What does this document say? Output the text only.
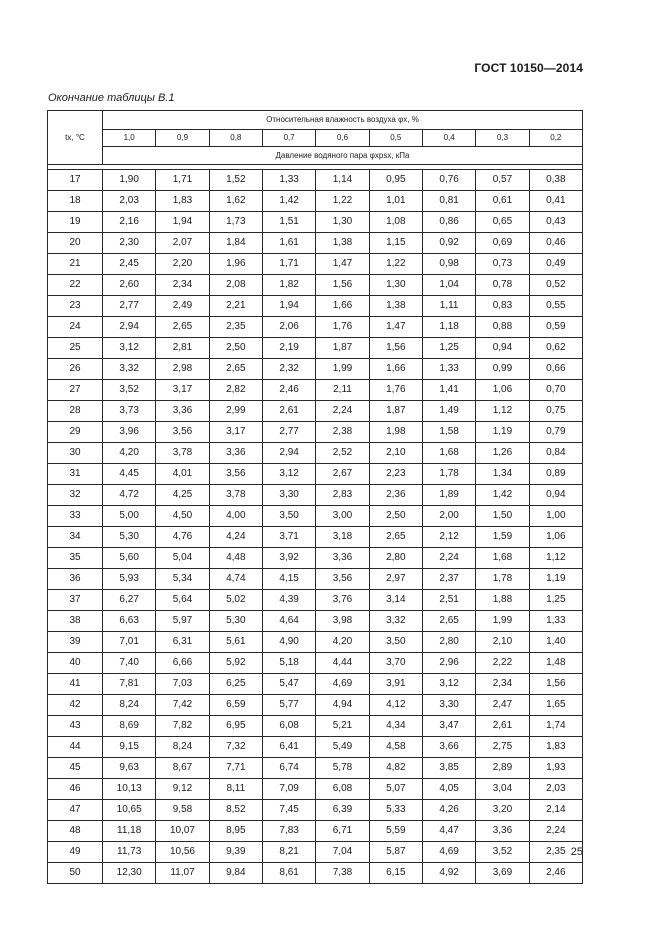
ГОСТ 10150—2014
Окончание таблицы В.1
tх, °С	Относительная влажность воздуха φх, %								
	1,0	0,9	0,8	0,7	0,6	0,5	0,4	0,3	0,2
	Давление водяного пара φхpsx, кПа								

17	1,90	1,71	1,52	1,33	1,14	0,95	0,76	0,57	0,38
18	2,03	1,83	1,62	1,42	1,22	1,01	0,81	0,61	0,41
19	2,16	1,94	1,73	1,51	1,30	1,08	0,86	0,65	0,43
20	2,30	2,07	1,84	1,61	1,38	1,15	0,92	0,69	0,46
21	2,45	2,20	1,96	1,71	1,47	1,22	0,98	0,73	0,49
22	2,60	2,34	2,08	1,82	1,56	1,30	1,04	0,78	0,52
23	2,77	2,49	2,21	1,94	1,66	1,38	1,11	0,83	0,55
24	2,94	2,65	2,35	2,06	1,76	1,47	1,18	0,88	0,59
25	3,12	2,81	2,50	2,19	1,87	1,56	1,25	0,94	0,62
26	3,32	2,98	2,65	2,32	1,99	1,66	1,33	0,99	0,66
27	3,52	3,17	2,82	2,46	2,11	1,76	1,41	1,06	0,70
28	3,73	3,36	2,99	2,61	2,24	1,87	1,49	1,12	0,75
29	3,96	3,56	3,17	2,77	2,38	1,98	1,58	1,19	0,79
30	4,20	3,78	3,36	2,94	2,52	2,10	1,68	1,26	0,84
31	4,45	4,01	3,56	3,12	2,67	2,23	1,78	1,34	0,89
32	4,72	4,25	3,78	3,30	2,83	2,36	1,89	1,42	0,94
33	5,00	4,50	4,00	3,50	3,00	2,50	2,00	1,50	1,00
34	5,30	4,76	4,24	3,71	3,18	2,65	2,12	1,59	1,06
35	5,60	5,04	4,48	3,92	3,36	2,80	2,24	1,68	1,12
36	5,93	5,34	4,74	4,15	3,56	2,97	2,37	1,78	1,19
37	6,27	5,64	5,02	4,39	3,76	3,14	2,51	1,88	1,25
38	6,63	5,97	5,30	4,64	3,98	3,32	2,65	1,99	1,33
39	7,01	6,31	5,61	4,90	4,20	3,50	2,80	2,10	1,40
40	7,40	6,66	5,92	5,18	4,44	3,70	2,96	2,22	1,48
41	7,81	7,03	6,25	5,47	4,69	3,91	3,12	2,34	1,56
42	8,24	7,42	6,59	5,77	4,94	4,12	3,30	2,47	1,65
43	8,69	7,82	6,95	6,08	5,21	4,34	3,47	2,61	1,74
44	9,15	8,24	7,32	6,41	5,49	4,58	3,66	2,75	1,83
45	9,63	8,67	7,71	6,74	5,78	4,82	3,85	2,89	1,93
46	10,13	9,12	8,11	7,09	6,08	5,07	4,05	3,04	2,03
47	10,65	9,58	8,52	7,45	6,39	5,33	4,26	3,20	2,14
48	11,18	10,07	8,95	7,83	6,71	5,59	4,47	3,36	2,24
49	11,73	10,56	9,39	8,21	7,04	5,87	4,69	3,52	2,35
50	12,30	11,07	9,84	8,61	7,38	6,15	4,92	3,69	2,46
25
